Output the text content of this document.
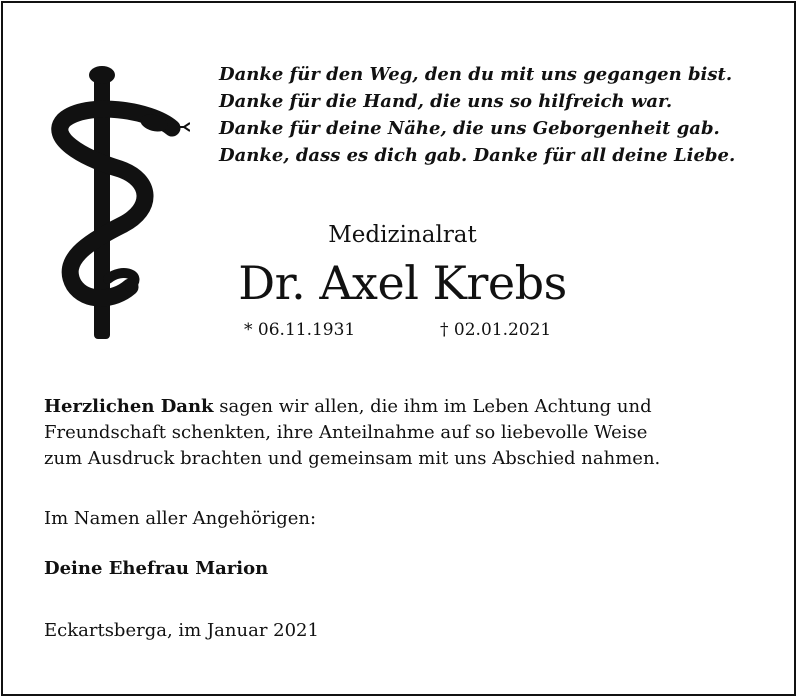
Danke für den Weg, den du mit uns gegangen bist.
Danke für die Hand, die uns so hilfreich war.
Danke für deine Nähe, die uns Geborgenheit gab.
Danke, dass es dich gab. Danke für all deine Liebe.
Medizinalrat
Dr. Axel Krebs
* 06.11.1931	† 02.01.2021
Herzlichen Dank sagen wir allen, die ihm im Leben Achtung und
Freundschaft schenkten, ihre Anteilnahme auf so liebevolle Weise
zum Ausdruck brachten und gemeinsam mit uns Abschied nahmen.
Im Namen aller Angehörigen:
Deine Ehefrau Marion
Eckartsberga, im Januar 2021
